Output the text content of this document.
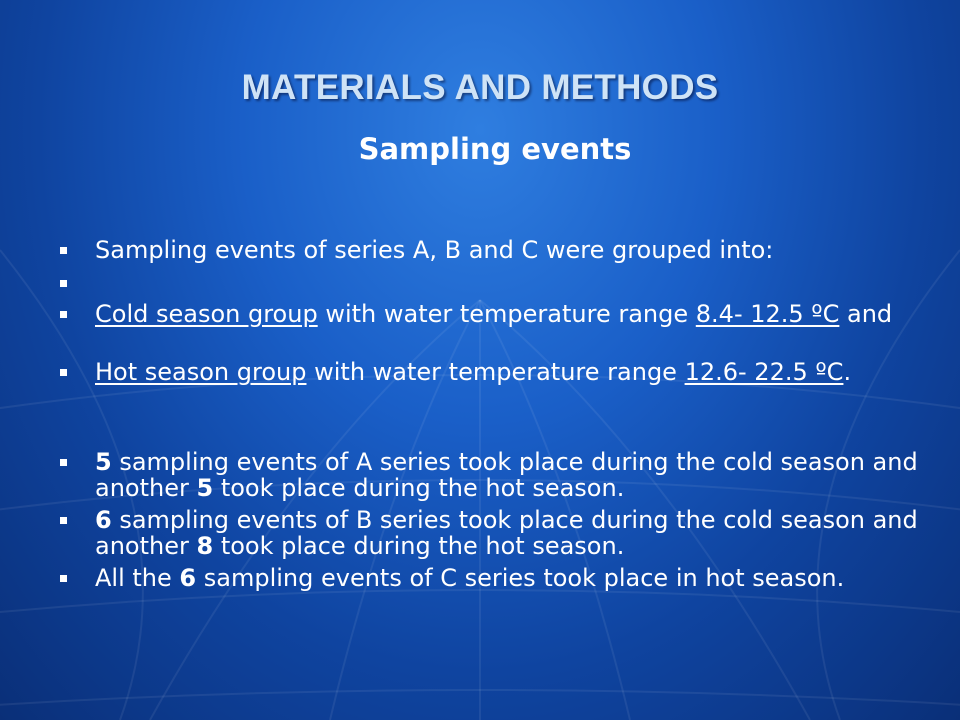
MATERIALS AND METHODS
Sampling events
Sampling events of series A, B and C were grouped into:
Cold season group with water temperature range 8.4- 12.5 ºC and
Hot season group with water temperature range 12.6- 22.5 ºC.
5 sampling events of A series took place during the cold season and another 5 took place during the hot season.
6 sampling events of B series took place during the cold season and another 8 took place during the hot season.
All the 6 sampling events of C series took place in hot season.
